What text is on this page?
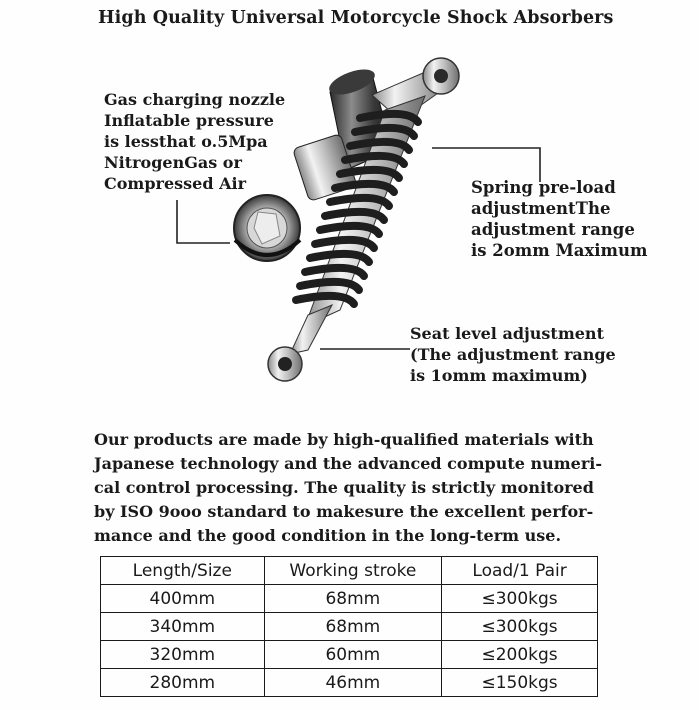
High Quality Universal Motorcycle Shock Absorbers
Gas charging nozzle
Inflatable pressure
is lessthat o.5Mpa
NitrogenGas or
Compressed Air	Spring pre-load
adjustmentThe
adjustment range
is 2omm Maximum
Seat level adjustment
(The adjustment range
is 1omm maximum)
Our products are made by high-qualified materials with
Japanese technology and the advanced compute numeri-
cal control processing. The quality is strictly monitored
by ISO 9ooo standard to makesure the excellent perfor-
mance and the good condition in the long-term use.
Length/Size	Working stroke	Load/1 Pair
400mm	68mm	≤300kgs
340mm	68mm	≤300kgs
320mm	60mm	≤200kgs
280mm	46mm	≤150kgs
